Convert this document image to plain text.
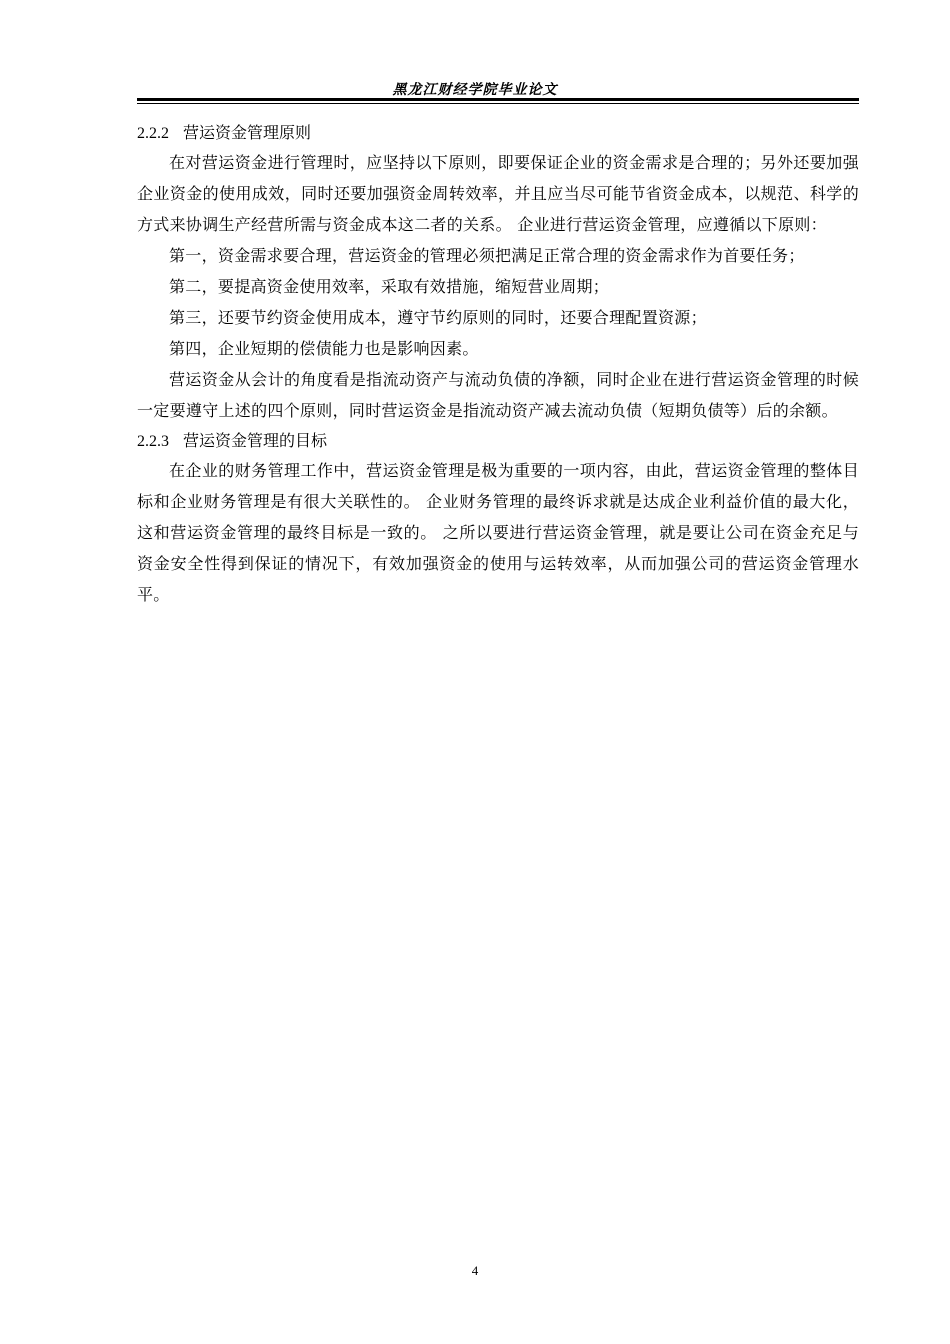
黑龙江财经学院毕业论文
2.2.2 营运资金管理原则

在对营运资金进行管理时，应坚持以下原则，即要保证企业的资金需求是合理的；另外还要加强企业资金的使用成效，同时还要加强资金周转效率，并且应当尽可能节省资金成本，以规范、科学的方式来协调生产经营所需与资金成本这二者的关系。 企业进行营运资金管理，应遵循以下原则：

第一，资金需求要合理，营运资金的管理必须把满足正常合理的资金需求作为首要任务；

第二，要提高资金使用效率，采取有效措施，缩短营业周期；

第三，还要节约资金使用成本，遵守节约原则的同时，还要合理配置资源；

第四，企业短期的偿债能力也是影响因素。

营运资金从会计的角度看是指流动资产与流动负债的净额，同时企业在进行营运资金管理的时候一定要遵守上述的四个原则，同时营运资金是指流动资产减去流动负债（短期负债等）后的余额。

2.2.3 营运资金管理的目标

在企业的财务管理工作中，营运资金管理是极为重要的一项内容，由此，营运资金管理的整体目标和企业财务管理是有很大关联性的。 企业财务管理的最终诉求就是达成企业利益价值的最大化，这和营运资金管理的最终目标是一致的。 之所以要进行营运资金管理，就是要让公司在资金充足与资金安全性得到保证的情况下，有效加强资金的使用与运转效率，从而加强公司的营运资金管理水平。

4
